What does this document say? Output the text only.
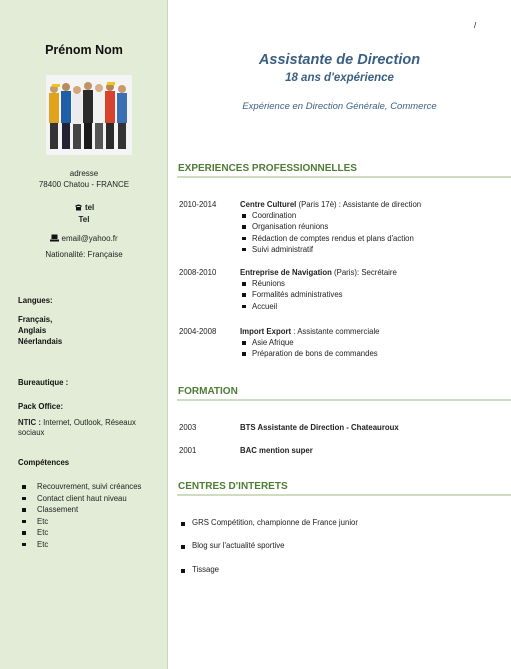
Prénom Nom
adresse
78400 Chatou - FRANCE
tel
Tel
email@yahoo.fr
Nationalité: Française
Langues:
Français,
Anglais
Néerlandais
Bureautique :
Pack Office:
NTIC : Internet, Outlook, Réseaux sociaux
Compétences
Recouvrement, suivi créances
Contact client haut niveau
Classement
Etc
Etc
Etc
/
Assistante de Direction
18 ans d'expérience
Expérience en Direction Générale, Commerce
EXPERIENCES PROFESSIONNELLES
2010-2014	Centre Culturel (Paris 17è) : Assistante de direction
Coordination
Organisation réunions
Rédaction de comptes rendus et plans d'action
Suivi administratif
2008-2010	Entreprise de Navigation (Paris): Secrétaire
Réunions
Formalités administratives
Accueil
2004-2008	Import Export : Assistante commerciale
Asie Afrique
Préparation de bons de commandes
FORMATION
2003	BTS Assistante de Direction - Chateauroux
2001	BAC mention super
CENTRES D'INTERETS
GRS Compétition, championne de France junior
Blog sur l'actualité sportive
Tissage
